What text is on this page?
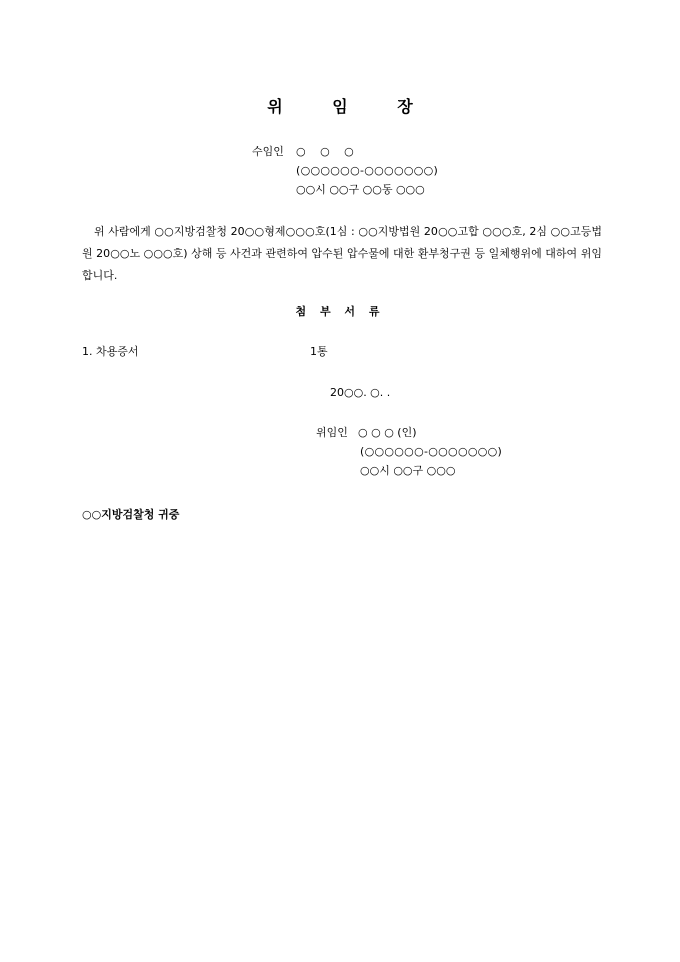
위 임 장
수임인 ○   ○   ○
(○○○○○○-○○○○○○○)
○○시 ○○구 ○○동 ○○○
위 사람에게 ○○지방검찰청 20○○형제○○○호(1심 : ○○지방법원 20○○고합 ○○○호, 2심 ○○고등법원 20○○노 ○○○호) 상해 등 사건과 관련하여 압수된 압수물에 대한 환부청구권 등 일체행위에 대하여 위임합니다.
첨 부 서 류
1. 차용증서	1통
20○○. ○. .
위임인 ○ ○ ○ (인)
(○○○○○○-○○○○○○○)
○○시 ○○구 ○○○
○○지방검찰청 귀중
